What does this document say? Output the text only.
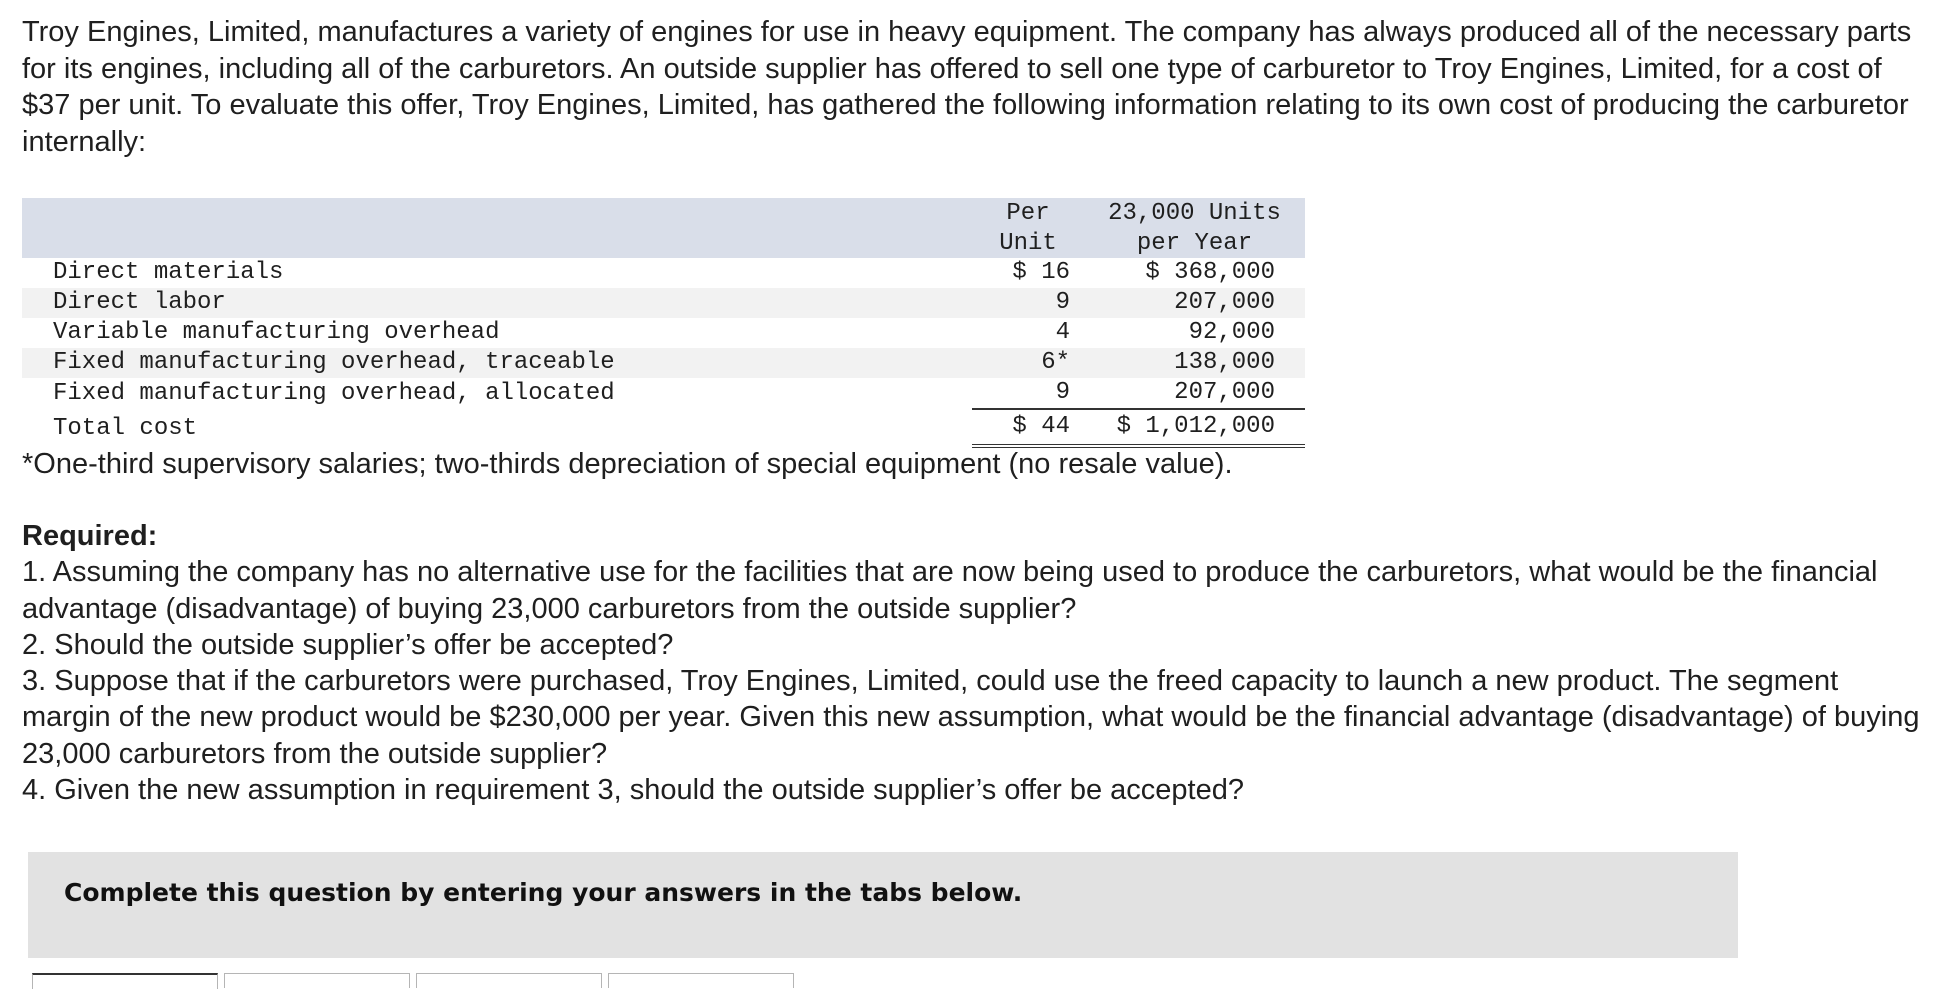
Troy Engines, Limited, manufactures a variety of engines for use in heavy equipment. The company has always produced all of the necessary parts for its engines, including all of the carburetors. An outside supplier has offered to sell one type of carburetor to Troy Engines, Limited, for a cost of $37 per unit. To evaluate this offer, Troy Engines, Limited, has gathered the following information relating to its own cost of producing the carburetor internally:

	Per	23,000 Units
	Unit	per Year
Direct materials	$ 16	$ 368,000
Direct labor	9	207,000
Variable manufacturing overhead	4	92,000
Fixed manufacturing overhead, traceable	6*	138,000
Fixed manufacturing overhead, allocated	9	207,000
Total cost	$ 44	$ 1,012,000

*One-third supervisory salaries; two-thirds depreciation of special equipment (no resale value).

Required:
1. Assuming the company has no alternative use for the facilities that are now being used to produce the carburetors, what would be the financial advantage (disadvantage) of buying 23,000 carburetors from the outside supplier?
2. Should the outside supplier’s offer be accepted?
3. Suppose that if the carburetors were purchased, Troy Engines, Limited, could use the freed capacity to launch a new product. The segment margin of the new product would be $230,000 per year. Given this new assumption, what would be the financial advantage (disadvantage) of buying 23,000 carburetors from the outside supplier?
4. Given the new assumption in requirement 3, should the outside supplier’s offer be accepted?
Complete this question by entering your answers in the tabs below.
